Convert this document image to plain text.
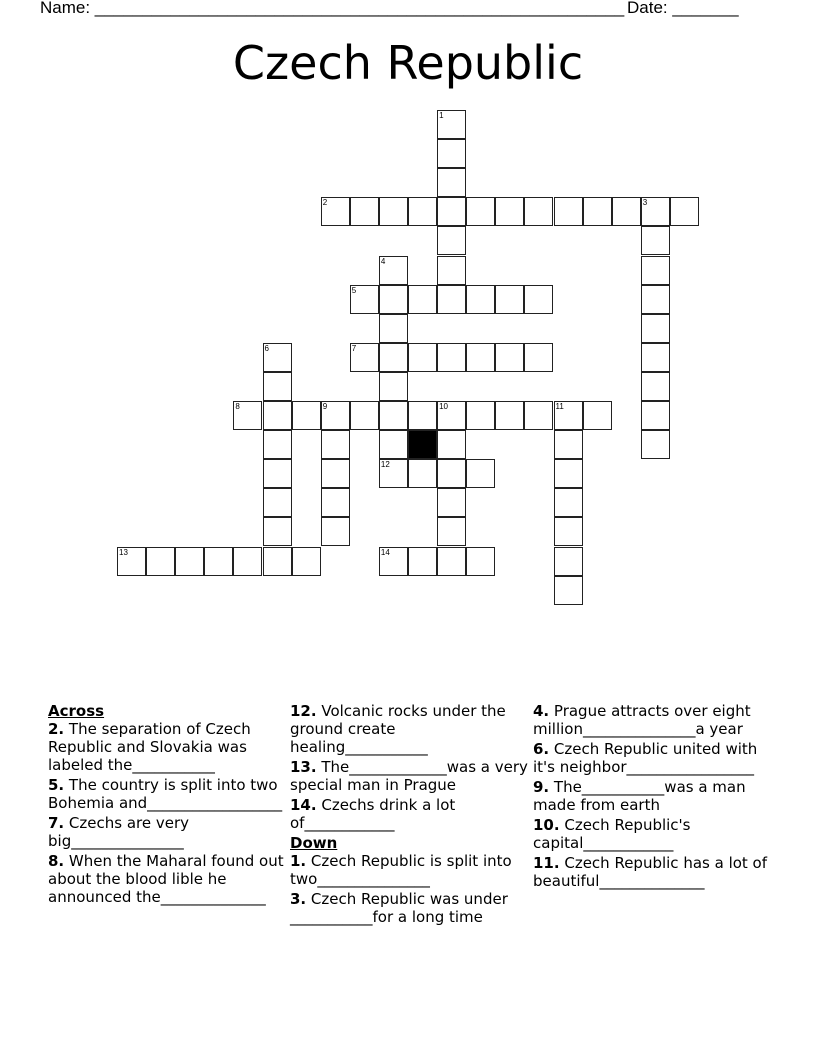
Name: ________________________________________________________ Date: _______
Czech Republic
1
2	3
4
12
5
6	7
8	9	10	11
13	14
Across
2. The separation of Czech Republic and Slovakia was labeled the___________
5. The country is split into two Bohemia and__________________
7. Czechs are very big_______________
8. When the Maharal found out about the blood lible he announced the______________
12. Volcanic rocks under the ground create healing___________
13. The_____________was a very special man in Prague
14. Czechs drink a lot of____________
Down
1. Czech Republic is split into two_______________
3. Czech Republic was under ___________for a long time
4. Prague attracts over eight million_______________a year
6. Czech Republic united with it's neighbor_________________
9. The___________was a man made from earth
10. Czech Republic's capital____________
11. Czech Republic has a lot of beautiful______________
